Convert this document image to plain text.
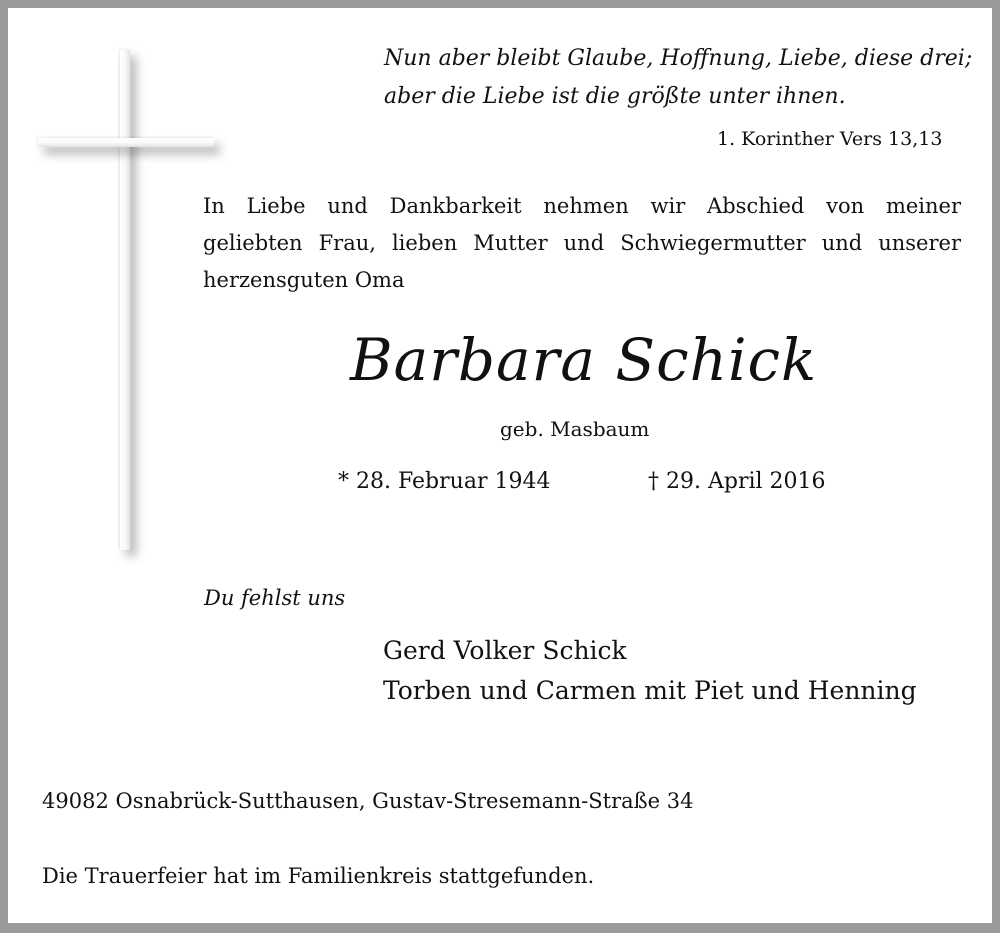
Nun aber bleibt Glaube, Hoffnung, Liebe, diese drei;
aber die Liebe ist die größte unter ihnen.
1. Korinther Vers 13,13
In Liebe und Dankbarkeit nehmen wir Abschied von meiner
geliebten Frau, lieben Mutter und Schwiegermutter und unserer
herzensguten Oma
Barbara Schick
geb. Masbaum
* 28. Februar 1944	† 29. April 2016
Du fehlst uns
Gerd Volker Schick
Torben und Carmen mit Piet und Henning
49082 Osnabrück-Sutthausen, Gustav-Stresemann-Straße 34
Die Trauerfeier hat im Familienkreis stattgefunden.
